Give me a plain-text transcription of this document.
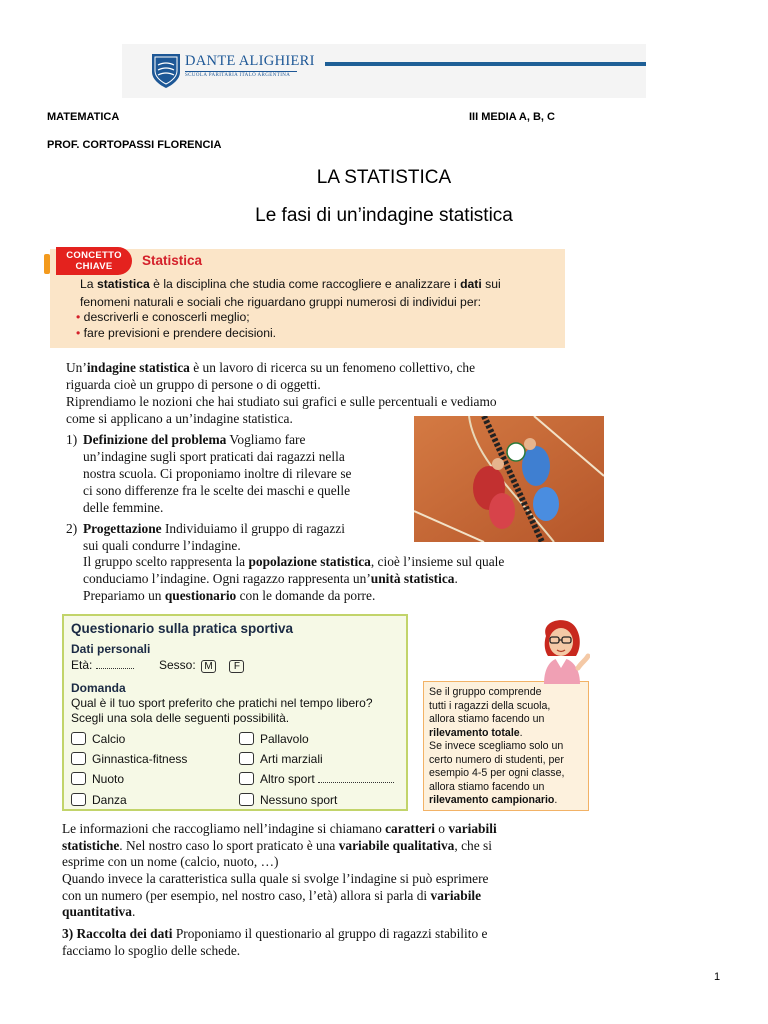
DANTE ALIGHIERI
SCUOLA PARITARIA ITALO ARGENTINA
MATEMATICA	III MEDIA A, B, C
PROF. CORTOPASSI FLORENCIA
LA STATISTICA
Le fasi di un’indagine statistica
CONCETTO
CHIAVE	Statistica
La statistica è la disciplina che studia come raccogliere e analizzare i dati sui
fenomeni naturali e sociali che riguardano gruppi numerosi di individui per:
• descriverli e conoscerli meglio;
• fare previsioni e prendere decisioni.
Un’indagine statistica è un lavoro di ricerca su un fenomeno collettivo, che
riguarda cioè un gruppo di persone o di oggetti.
Riprendiamo le nozioni che hai studiato sui grafici e sulle percentuali e vediamo
come si applicano a un’indagine statistica.
1) Definizione del problema Vogliamo fare
un’indagine sugli sport praticati dai ragazzi nella
nostra scuola. Ci proponiamo inoltre di rilevare se
ci sono differenze fra le scelte dei maschi e quelle
delle femmine.
2) Progettazione Individuiamo il gruppo di ragazzi
sui quali condurre l’indagine.
Il gruppo scelto rappresenta la popolazione statistica, cioè l’insieme sul quale
conduciamo l’indagine. Ogni ragazzo rappresenta un’unità statistica.
Prepariamo un questionario con le domande da porre.
Questionario sulla pratica sportiva
Dati personali
Età:	Sesso: M F
Domanda
Qual è il tuo sport preferito che pratichi nel tempo libero?
Scegli una sola delle seguenti possibilità.
Calcio
Ginnastica-fitness
Nuoto
Danza
Pallavolo
Arti marziali
Altro sport
Nessuno sport
Se il gruppo comprende
tutti i ragazzi della scuola,
allora stiamo facendo un
rilevamento totale.
Se invece scegliamo solo un
certo numero di studenti, per
esempio 4-5 per ogni classe,
allora stiamo facendo un
rilevamento campionario.
Le informazioni che raccogliamo nell’indagine si chiamano caratteri o variabili
statistiche. Nel nostro caso lo sport praticato è una variabile qualitativa, che si
esprime con un nome (calcio, nuoto, …)
Quando invece la caratteristica sulla quale si svolge l’indagine si può esprimere
con un numero (per esempio, nel nostro caso, l’età) allora si parla di variabile
quantitativa.
3) Raccolta dei dati Proponiamo il questionario al gruppo di ragazzi stabilito e
facciamo lo spoglio delle schede.
1
